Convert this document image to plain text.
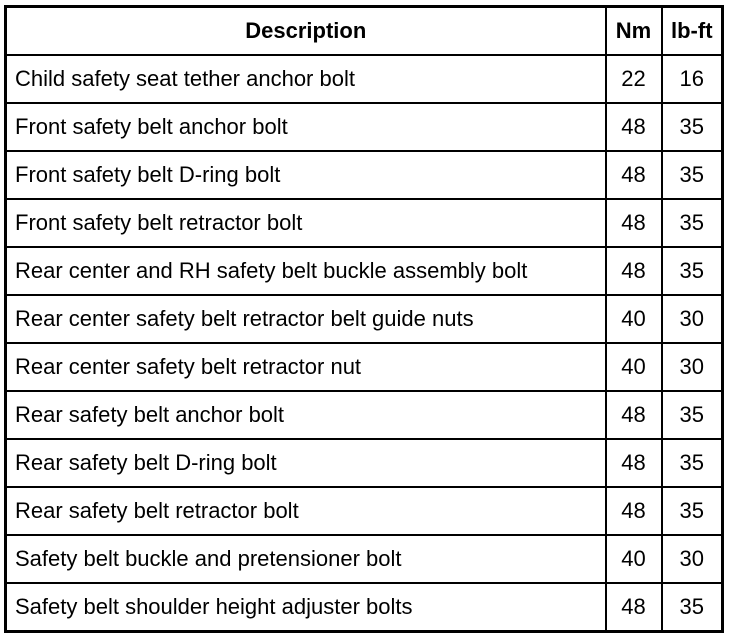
Description	Nm	lb-ft
Child safety seat tether anchor bolt	22	16
Front safety belt anchor bolt	48	35
Front safety belt D-ring bolt	48	35
Front safety belt retractor bolt	48	35
Rear center and RH safety belt buckle assembly bolt	48	35
Rear center safety belt retractor belt guide nuts	40	30
Rear center safety belt retractor nut	40	30
Rear safety belt anchor bolt	48	35
Rear safety belt D-ring bolt	48	35
Rear safety belt retractor bolt	48	35
Safety belt buckle and pretensioner bolt	40	30
Safety belt shoulder height adjuster bolts	48	35
